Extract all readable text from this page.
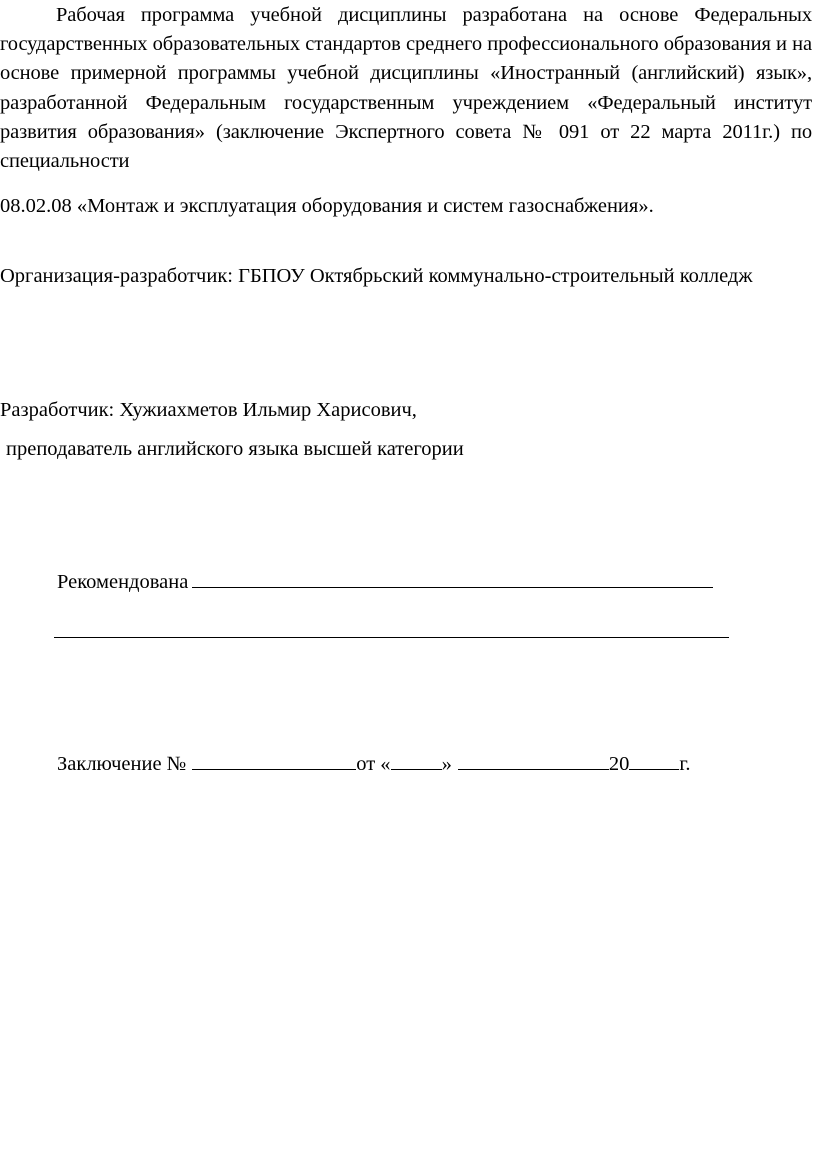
Рабочая программа учебной дисциплины разработана на основе Федеральных государственных образовательных стандартов среднего профессионального образования и на основе примерной программы учебной дисциплины «Иностранный (английский) язык», разработанной Федеральным государственным учреждением «Федеральный институт развития образования» (заключение Экспертного совета № 091 от 22 марта 2011г.) по специальности

08.02.08 «Монтаж и эксплуатация оборудования и систем газоснабжения».
Организация-разработчик: ГБПОУ Октябрьский коммунально-строительный колледж
Разработчик: Хужиахметов Ильмир Харисович,
преподаватель английского языка высшей категории
Рекомендована
Заключение №	от « »	20 г.
